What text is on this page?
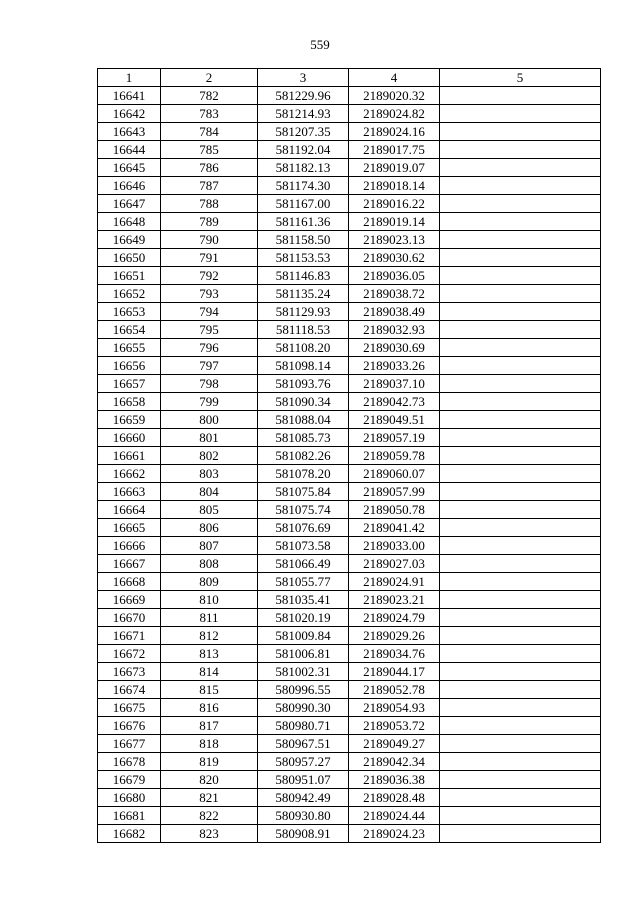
559
1	2	3	4	5
16641	782	581229.96	2189020.32	
16642	783	581214.93	2189024.82	
16643	784	581207.35	2189024.16	
16644	785	581192.04	2189017.75	
16645	786	581182.13	2189019.07	
16646	787	581174.30	2189018.14	
16647	788	581167.00	2189016.22	
16648	789	581161.36	2189019.14	
16649	790	581158.50	2189023.13	
16650	791	581153.53	2189030.62	
16651	792	581146.83	2189036.05	
16652	793	581135.24	2189038.72	
16653	794	581129.93	2189038.49	
16654	795	581118.53	2189032.93	
16655	796	581108.20	2189030.69	
16656	797	581098.14	2189033.26	
16657	798	581093.76	2189037.10	
16658	799	581090.34	2189042.73	
16659	800	581088.04	2189049.51	
16660	801	581085.73	2189057.19	
16661	802	581082.26	2189059.78	
16662	803	581078.20	2189060.07	
16663	804	581075.84	2189057.99	
16664	805	581075.74	2189050.78	
16665	806	581076.69	2189041.42	
16666	807	581073.58	2189033.00	
16667	808	581066.49	2189027.03	
16668	809	581055.77	2189024.91	
16669	810	581035.41	2189023.21	
16670	811	581020.19	2189024.79	
16671	812	581009.84	2189029.26	
16672	813	581006.81	2189034.76	
16673	814	581002.31	2189044.17	
16674	815	580996.55	2189052.78	
16675	816	580990.30	2189054.93	
16676	817	580980.71	2189053.72	
16677	818	580967.51	2189049.27	
16678	819	580957.27	2189042.34	
16679	820	580951.07	2189036.38	
16680	821	580942.49	2189028.48	
16681	822	580930.80	2189024.44	
16682	823	580908.91	2189024.23	
